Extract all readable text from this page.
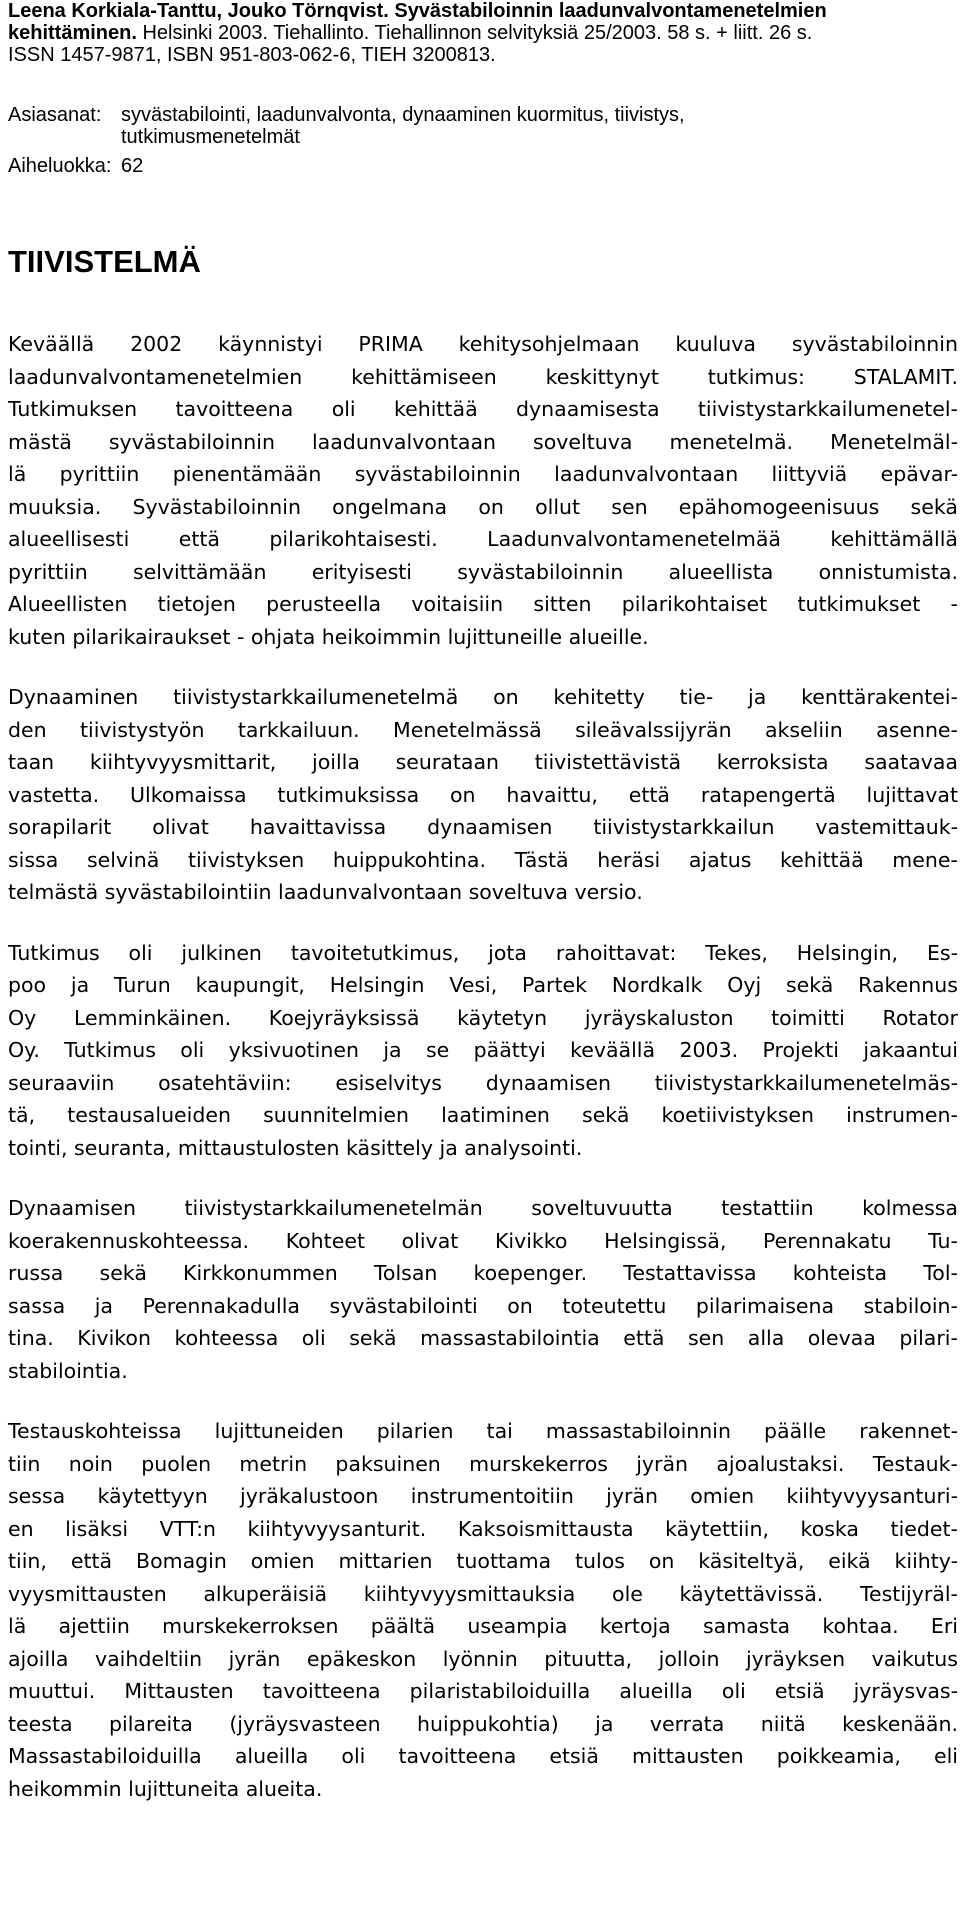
Leena Korkiala-Tanttu, Jouko Törnqvist. Syvästabiloinnin laadunvalvontamenetelmien
kehittäminen. Helsinki 2003. Tiehallinto. Tiehallinnon selvityksiä 25/2003. 58 s. + liitt. 26 s.
ISSN 1457-9871, ISBN 951-803-062-6, TIEH 3200813.
Asiasanat: syvästabilointi, laadunvalvonta, dynaaminen kuormitus, tiivistys,
tutkimusmenetelmät
Aiheluokka: 62
TIIVISTELMÄ
Keväällä 2002 käynnistyi PRIMA kehitysohjelmaan kuuluva syvästabiloinnin
laadunvalvontamenetelmien kehittämiseen keskittynyt tutkimus: STALAMIT.
Tutkimuksen tavoitteena oli kehittää dynaamisesta tiivistystarkkailumenetel-
mästä syvästabiloinnin laadunvalvontaan soveltuva menetelmä. Menetelmäl-
lä pyrittiin pienentämään syvästabiloinnin laadunvalvontaan liittyviä epävar-
muuksia. Syvästabiloinnin ongelmana on ollut sen epähomogeenisuus sekä
alueellisesti että pilarikohtaisesti. Laadunvalvontamenetelmää kehittämällä
pyrittiin selvittämään erityisesti syvästabiloinnin alueellista onnistumista.
Alueellisten tietojen perusteella voitaisiin sitten pilarikohtaiset tutkimukset -
kuten pilarikairaukset - ohjata heikoimmin lujittuneille alueille.
Dynaaminen tiivistystarkkailumenetelmä on kehitetty tie- ja kenttärakentei-
den tiivistystyön tarkkailuun. Menetelmässä sileävalssijyrän akseliin asenne-
taan kiihtyvyysmittarit, joilla seurataan tiivistettävistä kerroksista saatavaa
vastetta. Ulkomaissa tutkimuksissa on havaittu, että ratapengertä lujittavat
sorapilarit olivat havaittavissa dynaamisen tiivistystarkkailun vastemittauk-
sissa selvinä tiivistyksen huippukohtina. Tästä heräsi ajatus kehittää mene-
telmästä syvästabilointiin laadunvalvontaan soveltuva versio.
Tutkimus oli julkinen tavoitetutkimus, jota rahoittavat: Tekes, Helsingin, Es-
poo ja Turun kaupungit, Helsingin Vesi, Partek Nordkalk Oyj sekä Rakennus
Oy Lemminkäinen. Koejyräyksissä käytetyn jyräyskaluston toimitti Rotator
Oy. Tutkimus oli yksivuotinen ja se päättyi keväällä 2003. Projekti jakaantui
seuraaviin osatehtäviin: esiselvitys dynaamisen tiivistystarkkailumenetelmäs-
tä, testausalueiden suunnitelmien laatiminen sekä koetiivistyksen instrumen-
tointi, seuranta, mittaustulosten käsittely ja analysointi.
Dynaamisen tiivistystarkkailumenetelmän soveltuvuutta testattiin kolmessa
koerakennuskohteessa. Kohteet olivat Kivikko Helsingissä, Perennakatu Tu-
russa sekä Kirkkonummen Tolsan koepenger. Testattavissa kohteista Tol-
sassa ja Perennakadulla syvästabilointi on toteutettu pilarimaisena stabiloin-
tina. Kivikon kohteessa oli sekä massastabilointia että sen alla olevaa pilari-
stabilointia.
Testauskohteissa lujittuneiden pilarien tai massastabiloinnin päälle rakennet-
tiin noin puolen metrin paksuinen murskekerros jyrän ajoalustaksi. Testauk-
sessa käytettyyn jyräkalustoon instrumentoitiin jyrän omien kiihtyvyysanturi-
en lisäksi VTT:n kiihtyvyysanturit. Kaksoismittausta käytettiin, koska tiedet-
tiin, että Bomagin omien mittarien tuottama tulos on käsiteltyä, eikä kiihty-
vyysmittausten alkuperäisiä kiihtyvyysmittauksia ole käytettävissä. Testijyräl-
lä ajettiin murskekerroksen päältä useampia kertoja samasta kohtaa. Eri
ajoilla vaihdeltiin jyrän epäkeskon lyönnin pituutta, jolloin jyräyksen vaikutus
muuttui. Mittausten tavoitteena pilaristabiloiduilla alueilla oli etsiä jyräysvas-
teesta pilareita (jyräysvasteen huippukohtia) ja verrata niitä keskenään.
Massastabiloiduilla alueilla oli tavoitteena etsiä mittausten poikkeamia, eli
heikommin lujittuneita alueita.
